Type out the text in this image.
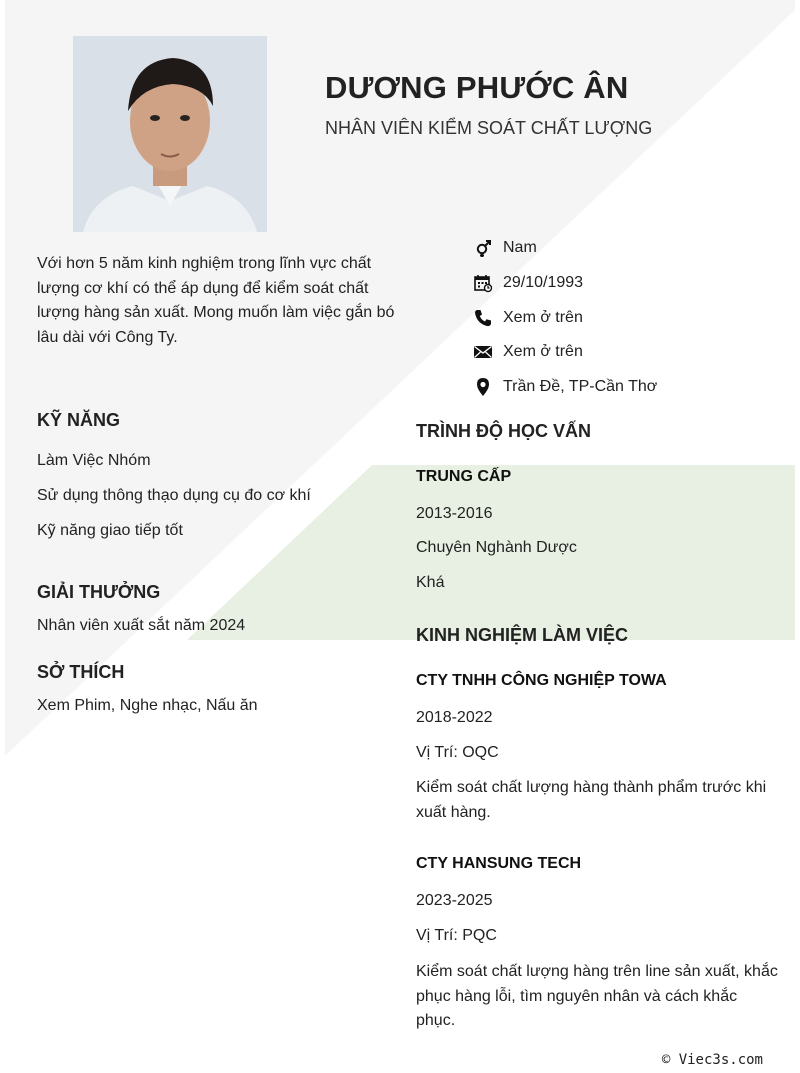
DƯƠNG PHƯỚC ÂN
NHÂN VIÊN KIỂM SOÁT CHẤT LƯỢNG
Với hơn 5 năm kinh nghiệm trong lĩnh vực chất lượng cơ khí có thể áp dụng để kiểm soát chất lượng hàng sản xuất. Mong muốn làm việc gắn bó lâu dài với Công Ty.
Nam
29/10/1993
Xem ở trên
Xem ở trên
Trần Đề, TP-Cần Thơ
KỸ NĂNG
Làm Việc Nhóm
Sử dụng thông thạo dụng cụ đo cơ khí
Kỹ năng giao tiếp tốt
GIẢI THƯỞNG
Nhân viên xuất sắt năm 2024
SỞ THÍCH
Xem Phim, Nghe nhạc, Nấu ăn
TRÌNH ĐỘ HỌC VẤN
TRUNG CẤP
2013-2016
Chuyên Nghành Dược
Khá
KINH NGHIỆM LÀM VIỆC
CTY TNHH CÔNG NGHIỆP TOWA
2018-2022
Vị Trí: OQC
Kiểm soát chất lượng hàng thành phẩm trước khi xuất hàng.
CTY HANSUNG TECH
2023-2025
Vị Trí: PQC
Kiểm soát chất lượng hàng trên line sản xuất, khắc phục hàng lỗi, tìm nguyên nhân và cách khắc phục.
© Viec3s.com
